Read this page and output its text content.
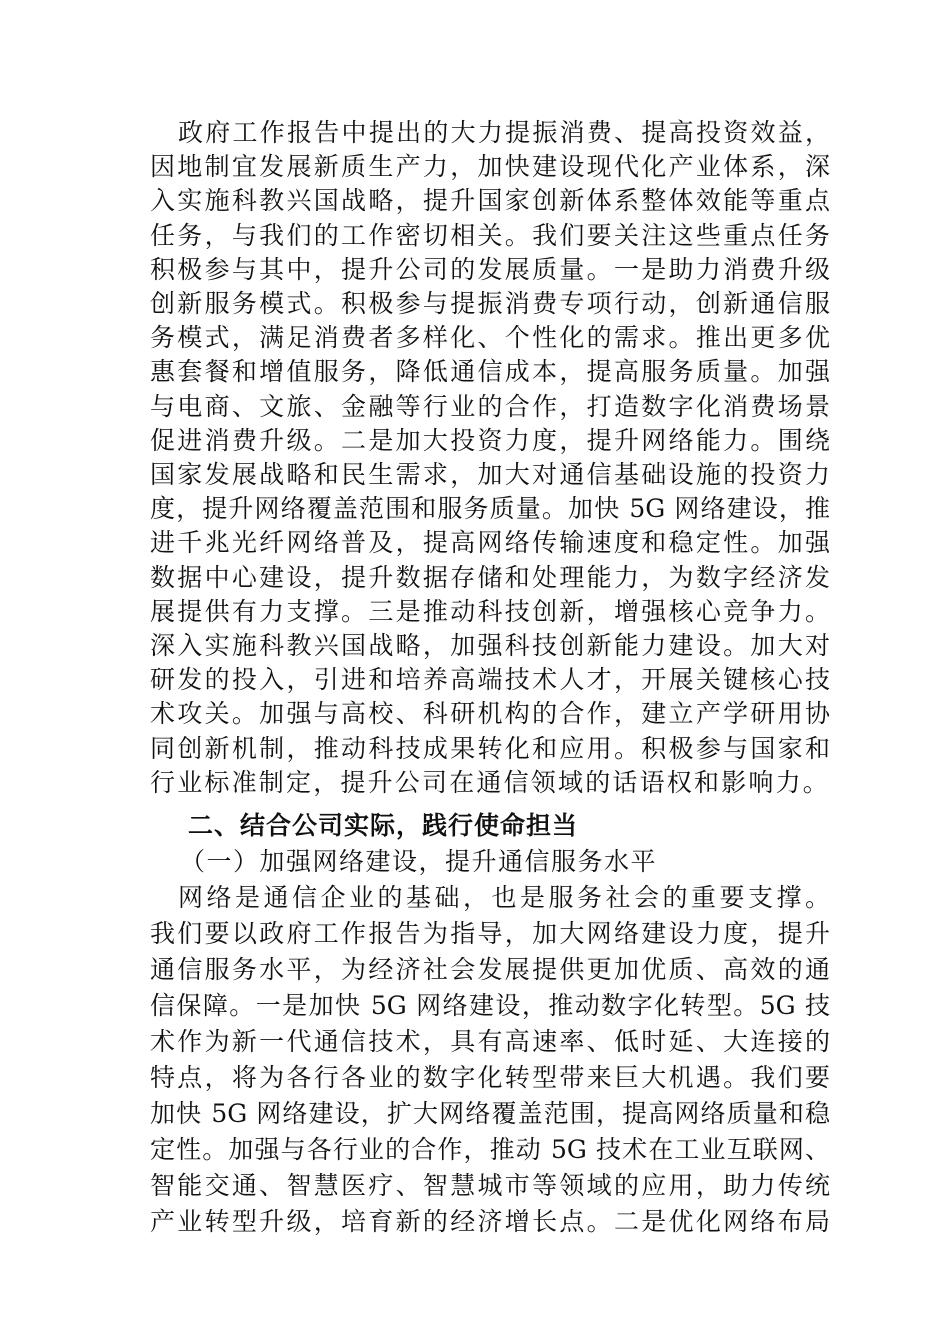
政府工作报告中提出的大力提振消费、提高投资效益，
因地制宜发展新质生产力，加快建设现代化产业体系，深
入实施科教兴国战略，提升国家创新体系整体效能等重点
任务，与我们的工作密切相关。我们要关注这些重点任务
积极参与其中，提升公司的发展质量。一是助力消费升级
创新服务模式。积极参与提振消费专项行动，创新通信服
务模式，满足消费者多样化、个性化的需求。推出更多优
惠套餐和增值服务，降低通信成本，提高服务质量。加强
与电商、文旅、金融等行业的合作，打造数字化消费场景
促进消费升级。二是加大投资力度，提升网络能力。围绕
国家发展战略和民生需求，加大对通信基础设施的投资力
度，提升网络覆盖范围和服务质量。加快 5G 网络建设，推
进千兆光纤网络普及，提高网络传输速度和稳定性。加强
数据中心建设，提升数据存储和处理能力，为数字经济发
展提供有力支撑。三是推动科技创新，增强核心竞争力。
深入实施科教兴国战略，加强科技创新能力建设。加大对
研发的投入，引进和培养高端技术人才，开展关键核心技
术攻关。加强与高校、科研机构的合作，建立产学研用协
同创新机制，推动科技成果转化和应用。积极参与国家和
行业标准制定，提升公司在通信领域的话语权和影响力。
二、结合公司实际，践行使命担当
（一）加强网络建设，提升通信服务水平
网络是通信企业的基础，也是服务社会的重要支撑。
我们要以政府工作报告为指导，加大网络建设力度，提升
通信服务水平，为经济社会发展提供更加优质、高效的通
信保障。一是加快 5G 网络建设，推动数字化转型。5G 技
术作为新一代通信技术，具有高速率、低时延、大连接的
特点，将为各行各业的数字化转型带来巨大机遇。我们要
加快 5G 网络建设，扩大网络覆盖范围，提高网络质量和稳
定性。加强与各行业的合作，推动 5G 技术在工业互联网、
智能交通、智慧医疗、智慧城市等领域的应用，助力传统
产业转型升级，培育新的经济增长点。二是优化网络布局
